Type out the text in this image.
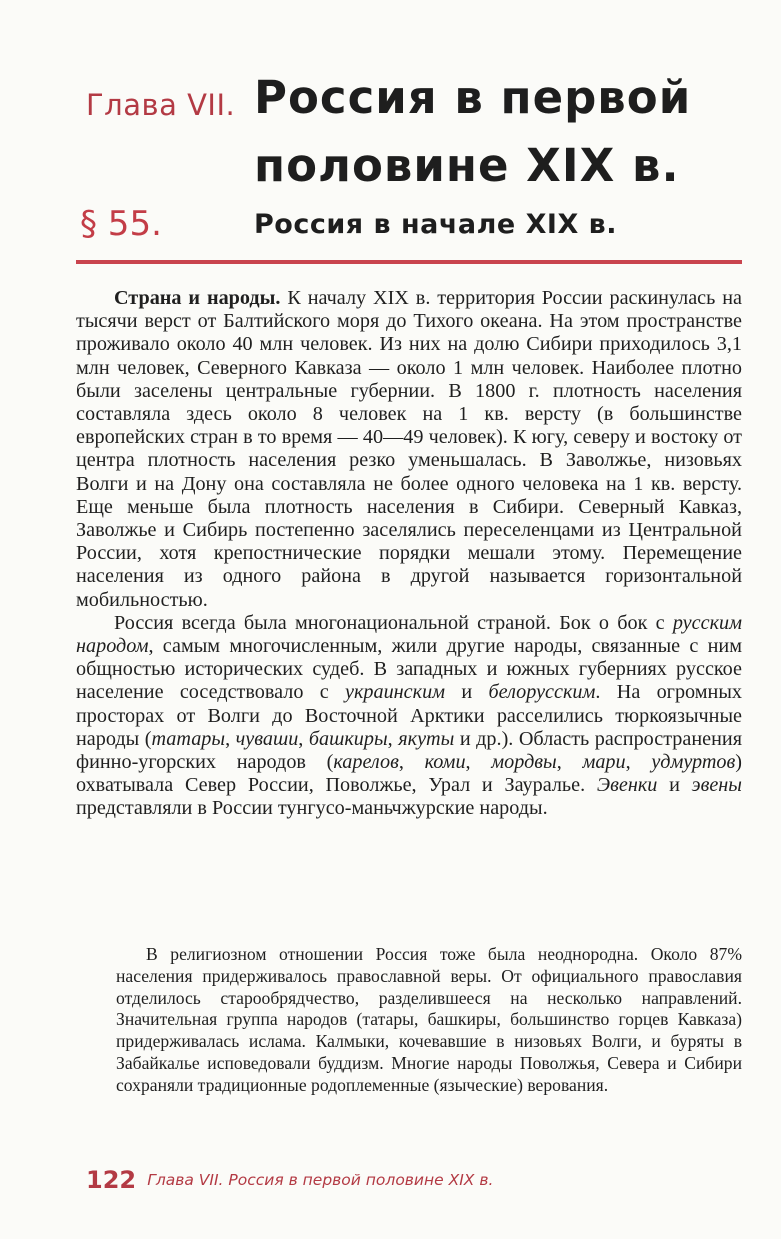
Глава VII. Россия в первой
половине XIX в.
§ 55.	Россия в начале XIX в.

Страна и народы. К началу XIX в. территория России раскинулась на тысячи верст от Балтийского моря до Тихого океана. На этом пространстве проживало около 40 млн человек. Из них на долю Сибири приходилось 3,1 млн человек, Северного Кавказа — около 1 млн человек. Наиболее плотно были заселены центральные губернии. В 1800 г. плотность населения составляла здесь около 8 человек на 1 кв. версту (в большинстве европейских стран в то время — 40—49 человек). К югу, северу и востоку от центра плотность населения резко уменьшалась. В Заволжье, низовьях Волги и на Дону она составляла не более одного человека на 1 кв. версту. Еще меньше была плотность населения в Сибири. Северный Кавказ, Заволжье и Сибирь постепенно заселялись переселенцами из Центральной России, хотя крепостнические порядки мешали этому. Перемещение населения из одного района в другой называется горизонтальной мобильностью.

Россия всегда была многонациональной страной. Бок о бок с русским народом, самым многочисленным, жили другие народы, связанные с ним общностью исторических судеб. В западных и южных губерниях русское население соседствовало с украинским и белорусским. На огромных просторах от Волги до Восточной Арктики расселились тюркоязычные народы (татары, чуваши, башкиры, якуты и др.). Область распространения финно-угорских народов (карелов, коми, мордвы, мари, удмуртов) охватывала Север России, Поволжье, Урал и Зауралье. Эвенки и эвены представляли в России тунгусо-маньчжурские народы.

В религиозном отношении Россия тоже была неоднородна. Около 87% населения придерживалось православной веры. От официального православия отделилось старообрядчество, разделившееся на несколько направлений. Значительная группа народов (татары, башкиры, большинство горцев Кавказа) придерживалась ислама. Калмыки, кочевавшие в низовьях Волги, и буряты в Забайкалье исповедовали буддизм. Многие народы Поволжья, Севера и Сибири сохраняли традиционные родоплеменные (языческие) верования.

122 Глава VII. Россия в первой половине XIX в.
